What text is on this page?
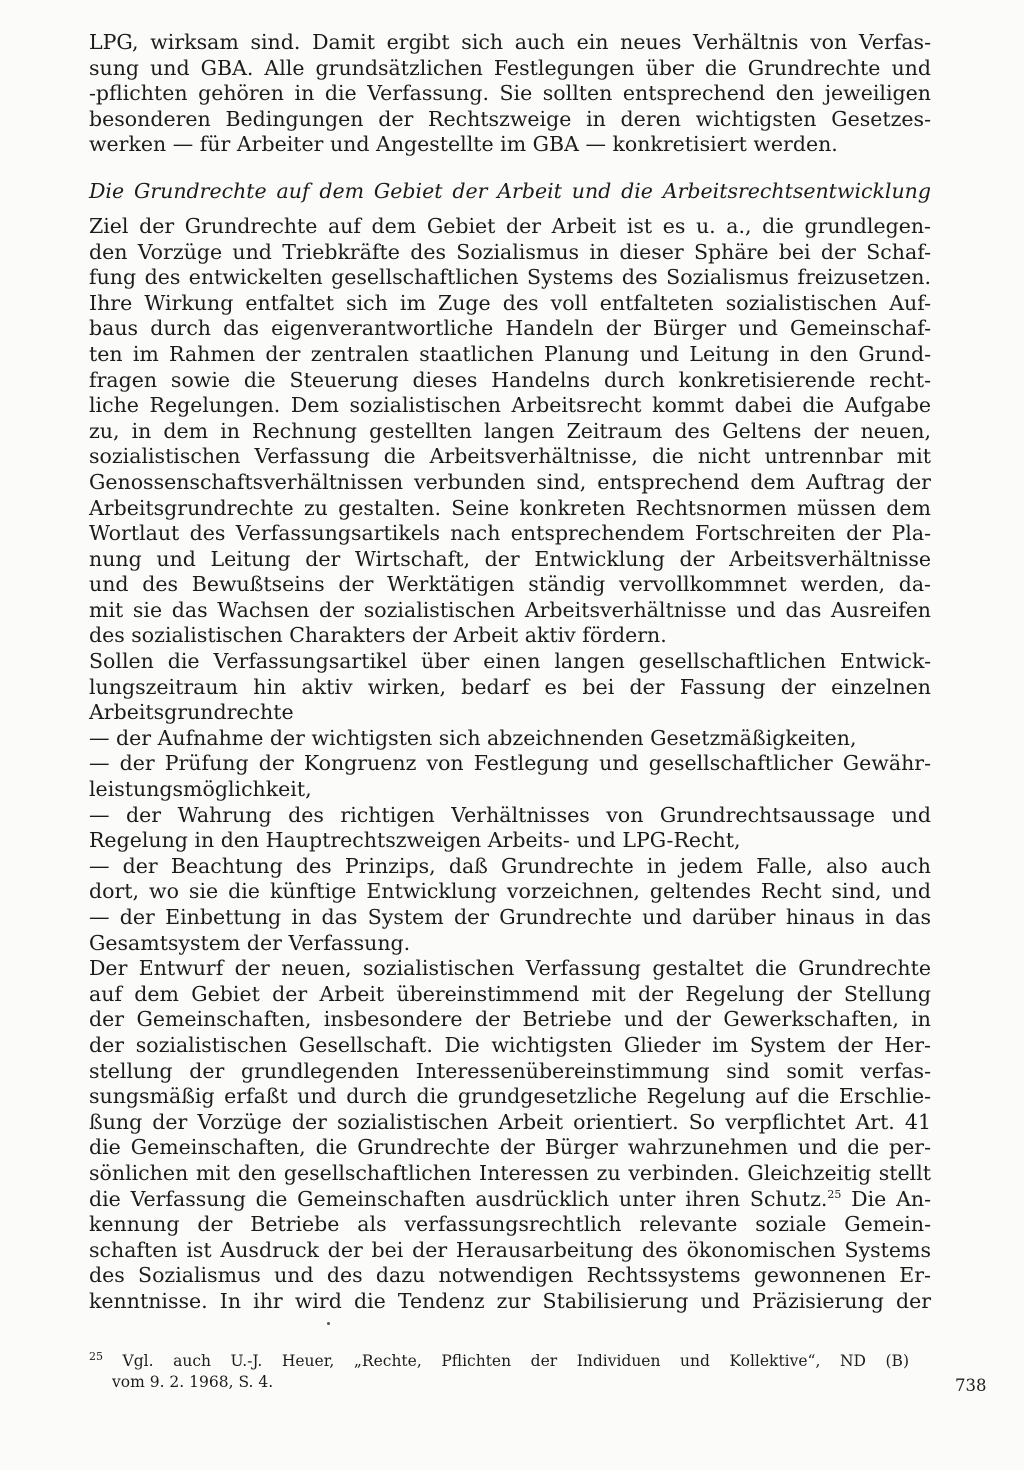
LPG, wirksam sind. Damit ergibt sich auch ein neues Verhältnis von Verfas-
sung und GBA. Alle grundsätzlichen Festlegungen über die Grundrechte und
-pflichten gehören in die Verfassung. Sie sollten entsprechend den jeweiligen
besonderen Bedingungen der Rechtszweige in deren wichtigsten Gesetzes-
werken — für Arbeiter und Angestellte im GBA — konkretisiert werden.
Die Grundrechte auf dem Gebiet der Arbeit und die Arbeitsrechtsentwicklung
Ziel der Grundrechte auf dem Gebiet der Arbeit ist es u. a., die grundlegen-
den Vorzüge und Triebkräfte des Sozialismus in dieser Sphäre bei der Schaf-
fung des entwickelten gesellschaftlichen Systems des Sozialismus freizusetzen.
Ihre Wirkung entfaltet sich im Zuge des voll entfalteten sozialistischen Auf-
baus durch das eigenverantwortliche Handeln der Bürger und Gemeinschaf-
ten im Rahmen der zentralen staatlichen Planung und Leitung in den Grund-
fragen sowie die Steuerung dieses Handelns durch konkretisierende recht-
liche Regelungen. Dem sozialistischen Arbeitsrecht kommt dabei die Aufgabe
zu, in dem in Rechnung gestellten langen Zeitraum des Geltens der neuen,
sozialistischen Verfassung die Arbeitsverhältnisse, die nicht untrennbar mit
Genossenschaftsverhältnissen verbunden sind, entsprechend dem Auftrag der
Arbeitsgrundrechte zu gestalten. Seine konkreten Rechtsnormen müssen dem
Wortlaut des Verfassungsartikels nach entsprechendem Fortschreiten der Pla-
nung und Leitung der Wirtschaft, der Entwicklung der Arbeitsverhältnisse
und des Bewußtseins der Werktätigen ständig vervollkommnet werden, da-
mit sie das Wachsen der sozialistischen Arbeitsverhältnisse und das Ausreifen
des sozialistischen Charakters der Arbeit aktiv fördern.
Sollen die Verfassungsartikel über einen langen gesellschaftlichen Entwick-
lungszeitraum hin aktiv wirken, bedarf es bei der Fassung der einzelnen
Arbeitsgrundrechte
— der Aufnahme der wichtigsten sich abzeichnenden Gesetzmäßigkeiten,
— der Prüfung der Kongruenz von Festlegung und gesellschaftlicher Gewähr-
leistungsmöglichkeit,
— der Wahrung des richtigen Verhältnisses von Grundrechtsaussage und
Regelung in den Hauptrechtszweigen Arbeits- und LPG-Recht,
— der Beachtung des Prinzips, daß Grundrechte in jedem Falle, also auch
dort, wo sie die künftige Entwicklung vorzeichnen, geltendes Recht sind, und
— der Einbettung in das System der Grundrechte und darüber hinaus in das
Gesamtsystem der Verfassung.
Der Entwurf der neuen, sozialistischen Verfassung gestaltet die Grundrechte
auf dem Gebiet der Arbeit übereinstimmend mit der Regelung der Stellung
der Gemeinschaften, insbesondere der Betriebe und der Gewerkschaften, in
der sozialistischen Gesellschaft. Die wichtigsten Glieder im System der Her-
stellung der grundlegenden Interessenübereinstimmung sind somit verfas-
sungsmäßig erfaßt und durch die grundgesetzliche Regelung auf die Erschlie-
ßung der Vorzüge der sozialistischen Arbeit orientiert. So verpflichtet Art. 41
die Gemeinschaften, die Grundrechte der Bürger wahrzunehmen und die per-
sönlichen mit den gesellschaftlichen Interessen zu verbinden. Gleichzeitig stellt
die Verfassung die Gemeinschaften ausdrücklich unter ihren Schutz.$^{25}$ Die An-
kennung der Betriebe als verfassungsrechtlich relevante soziale Gemein-
schaften ist Ausdruck der bei der Herausarbeitung des ökonomischen Systems
des Sozialismus und des dazu notwendigen Rechtssystems gewonnenen Er-
kenntnisse. In ihr wird die Tendenz zur Stabilisierung und Präzisierung der
$^{25}$ Vgl. auch U.-J. Heuer, „Rechte, Pflichten der Individuen und Kollektive“, ND (B)
vom 9. 2. 1968, S. 4.	738
